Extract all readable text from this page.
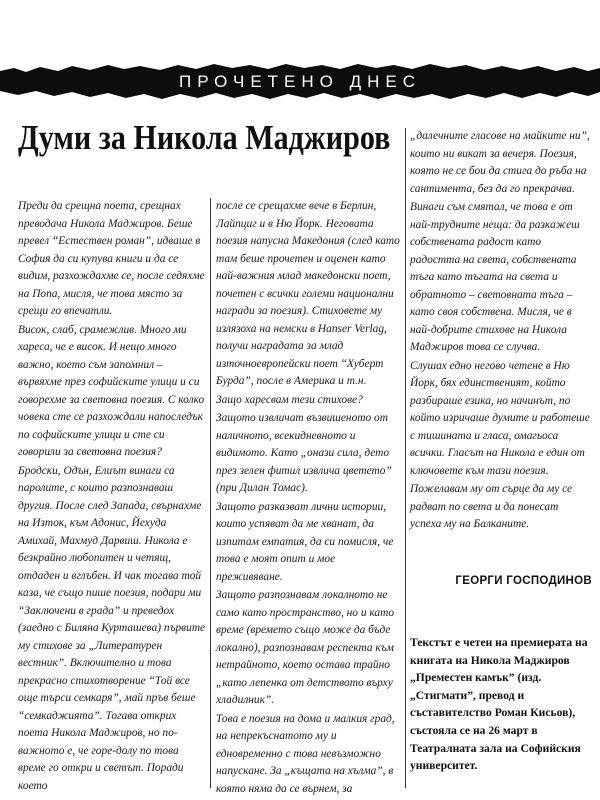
ПРОЧЕТЕНО ДНЕС
Думи за Никола Маджиров

Преди да срещна поета, срещнах преводача Никола Маджиров. Беше превел “Естествен роман”, идваше в София да си купува книги и да се видим, разхождахме се, после седяхме на Попа, мисля, че това място за срещи го впечатли.

Висок, слаб, срамежлив. Много ми хареса, че е висок. И нещо много важно, което съм запомнил – вървяхме през софийските улици и си говорехме за световна поезия. С колко човека сте се разхождали напоследък по софийските улици и сте си говорили за световна поезия?

Бродски, Одън, Елиът винаги са паролите, с които разпознаваш другия. После след Запада, свърнахме на Изток, към Адонис, Йехуда Амихай, Махмуд Дарвиш. Никола е безкрайно любопитен и четящ, отдаден и вглъбен. И чак тогава той каза, че също пише поезия, подари ми “Заключени в града” и преведох (заедно с Биляна Курташева) първите му стихове за „Литературен вестник”. Включително и това прекрасно стихотворение “Той все още търси семкаря”, май пръв беше “семкаджията”. Тогава открих поета Никола Маджиров, но по-важното е, че горе-долу по това време го откри и светът. Поради което

после се срещахме вече в Берлин, Лайпциг и в Ню Йорк. Неговата поезия напусна Македония (след като там беше прочетен и оценен като най-важния млад македонски поет, почетен с всички големи национални награди за поезия). Стиховете му излязоха на немски в Hanser Verlag, получи наградата за млад източноевропейски поет “Хуберт Бурда”, после в Америка и т.н.

Защо харесвам тези стихове?

Защото извличат възвишеното от наличното, всекидневното и видимото. Като „онази сила, дето през зелен фитил извлича цветето” (при Дилан Томас).

Защото разказват лични истории, които успяват да ме хванат, да изпитам емпатия, да си помисля, че това е моят опит и мое преживяване.

Защото разпознавам локалното не само като пространство, но и като време (времето също може да бъде локално), разпознавам респекта към нетрайното, което остава трайно „като лепенка от детството върху хладилник”.

Това е поезия на дома и малкия град, на непрекъснатото му и едновременно с това невъзможно напускане. За „къщата на хълма”, в която няма да се върнем, за

„далечните гласове на майките ни”, които ни викат за вечеря. Поезия, която не се бои да стига до ръба на сантимента, без да го прекрачва.

Винаги съм смятал, че това е от най-трудните неща: да разкажеш собствената радост като радостта на света, собствената тъга като тъгата на света и обратното – световната тъга – като своя собствена. Мисля, че в най-добрите стихове на Никола Маджиров това се случва.

Слушах едно негово четене в Ню Йорк, бях единственият, който разбираше езика, но начинът, по който изричаше думите и работеше с тишината и гласа, омагьоса всички. Гласът на Никола е един от ключовете към тази поезия.

Пожелавам му от сърце да му се радват по света и да понесат успеха му на Балканите.

ГЕОРГИ ГОСПОДИНОВ
Текстът е четен на премиерата на книгата на Никола Маджиров „Преместен камък” (изд. „Стигмати”, превод и съставителство Роман Кисьов), състояла се на 26 март в Театралната зала на Софийския университет.
